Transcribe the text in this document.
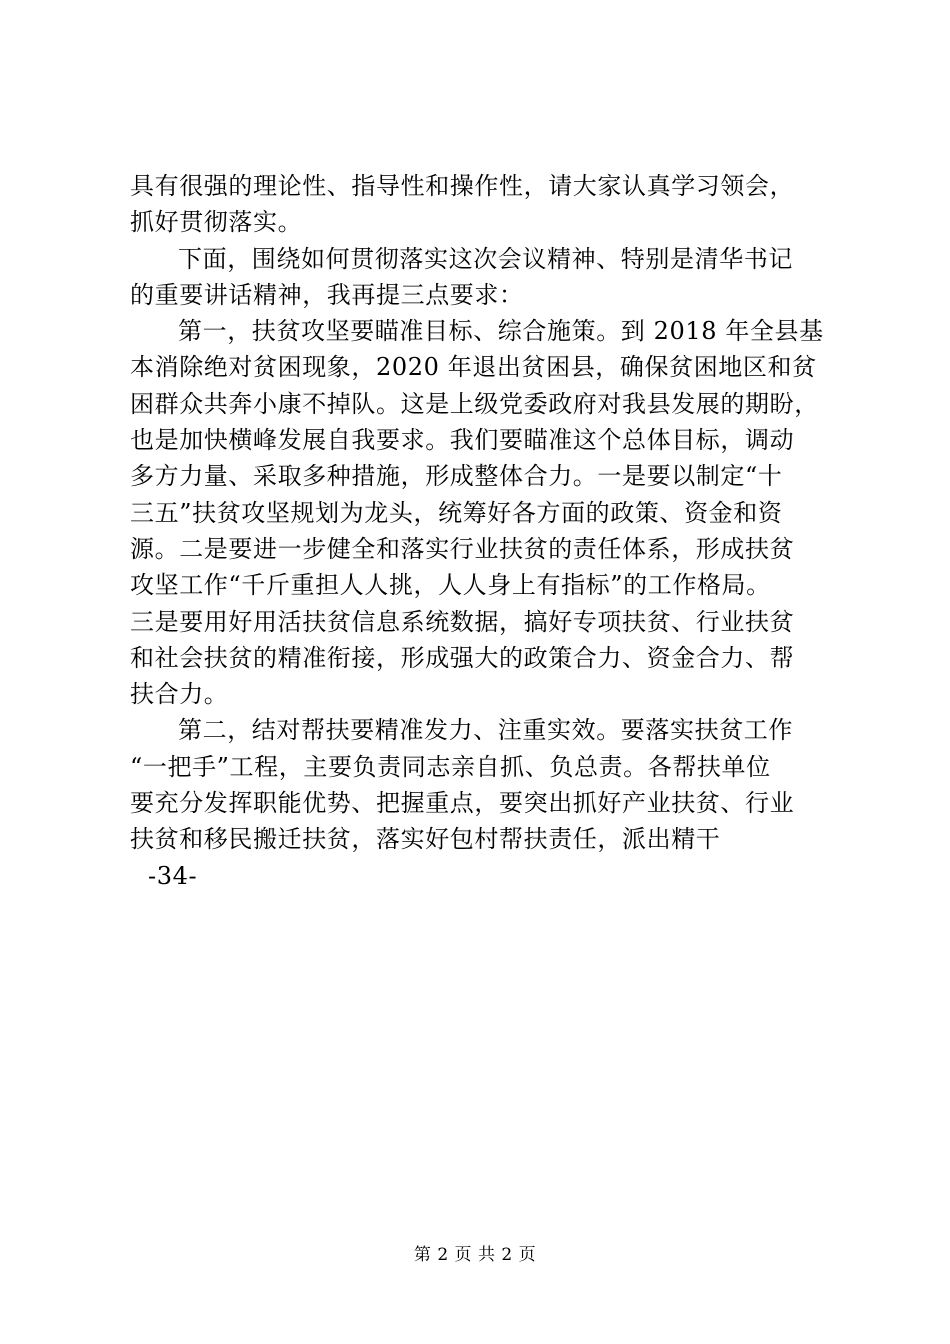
具有很强的理论性、指导性和操作性，请大家认真学习领会，
抓好贯彻落实。
下面，围绕如何贯彻落实这次会议精神、特别是清华书记
的重要讲话精神，我再提三点要求：
第一，扶贫攻坚要瞄准目标、综合施策。到 2018 年全县基
本消除绝对贫困现象，2020 年退出贫困县，确保贫困地区和贫
困群众共奔小康不掉队。这是上级党委政府对我县发展的期盼，
也是加快横峰发展自我要求。我们要瞄准这个总体目标，调动
多方力量、采取多种措施，形成整体合力。一是要以制定“十
三五”扶贫攻坚规划为龙头，统筹好各方面的政策、资金和资
源。二是要进一步健全和落实行业扶贫的责任体系，形成扶贫
攻坚工作“千斤重担人人挑，人人身上有指标”的工作格局。
三是要用好用活扶贫信息系统数据，搞好专项扶贫、行业扶贫
和社会扶贫的精准衔接，形成强大的政策合力、资金合力、帮
扶合力。
第二，结对帮扶要精准发力、注重实效。要落实扶贫工作
“一把手”工程，主要负责同志亲自抓、负总责。各帮扶单位
要充分发挥职能优势、把握重点，要突出抓好产业扶贫、行业
扶贫和移民搬迁扶贫，落实好包村帮扶责任，派出精干
-34-
第 2 页 共 2 页
